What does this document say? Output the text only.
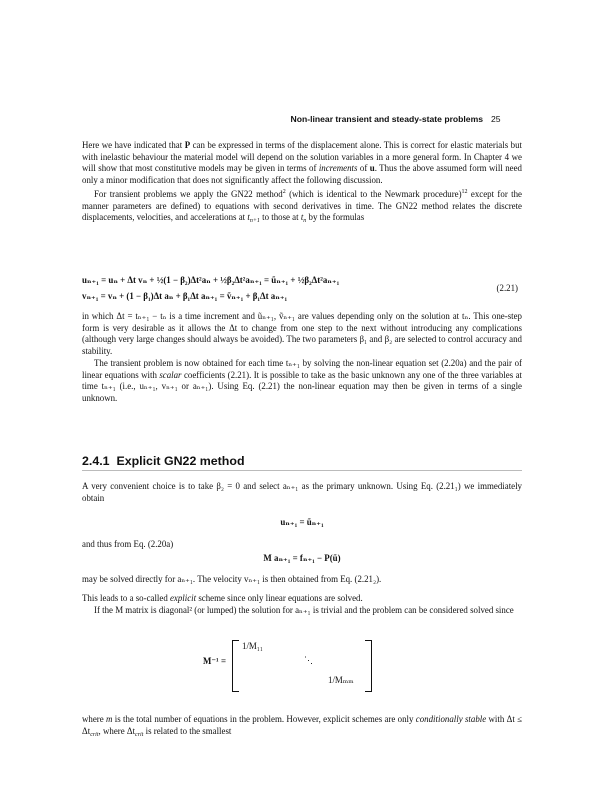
Non-linear transient and steady-state problems 25

Here we have indicated that P can be expressed in terms of the displacement alone. This is correct for elastic materials but with inelastic behaviour the material model will depend on the solution variables in a more general form. In Chapter 4 we will show that most constitutive models may be given in terms of increments of u. Thus the above assumed form will need only a minor modification that does not significantly affect the following discussion.

For transient problems we apply the GN22 method$^2$ (which is identical to the Newmark procedure)$^{12}$ except for the manner parameters are defined) to equations with second derivatives in time. The GN22 method relates the discrete displacements, velocities, and accelerations at $t_{n+1}$ to those at $t_n$ by the formulas

uₙ₊₁ = uₙ + Δt vₙ + ½(1 − β₂)Δt²aₙ + ½β₂Δt²aₙ₊₁ = ũₙ₊₁ + ½β₂Δt²aₙ₊₁
vₙ₊₁ = vₙ + (1 − β₁)Δt aₙ + β₁Δt aₙ₊₁ = ṽₙ₊₁ + β₁Δt aₙ₊₁
(2.21)

in which Δt = tₙ₊₁ − tₙ is a time increment and ũₙ₊₁, ṽₙ₊₁ are values depending only on the solution at tₙ. This one-step form is very desirable as it allows the Δt to change from one step to the next without introducing any complications (although very large changes should always be avoided). The two parameters β₁ and β₂ are selected to control accuracy and stability.

The transient problem is now obtained for each time tₙ₊₁ by solving the non-linear equation set (2.20a) and the pair of linear equations with scalar coefficients (2.21). It is possible to take as the basic unknown any one of the three variables at time tₙ₊₁ (i.e., uₙ₊₁, vₙ₊₁ or aₙ₊₁). Using Eq. (2.21) the non-linear equation may then be given in terms of a single unknown.

2.4.1 Explicit GN22 method

A very convenient choice is to take β₂ = 0 and select aₙ₊₁ as the primary unknown. Using Eq. (2.21₁) we immediately obtain

uₙ₊₁ = ũₙ₊₁

and thus from Eq. (2.20a)

M aₙ₊₁ = fₙ₊₁ − P(ũ)

may be solved directly for aₙ₊₁. The velocity vₙ₊₁ is then obtained from Eq. (2.21₂).

This leads to a so-called explicit scheme since only linear equations are solved.

If the M matrix is diagonal² (or lumped) the solution for aₙ₊₁ is trivial and the problem can be considered solved since

M⁻¹ =
1/M₁₁
⋱
1/Mₘₘ

where m is the total number of equations in the problem. However, explicit schemes are only conditionally stable with $\Delta t \le \Delta t_{crit}$, where $\Delta t_{crit}$ is related to the smallest
